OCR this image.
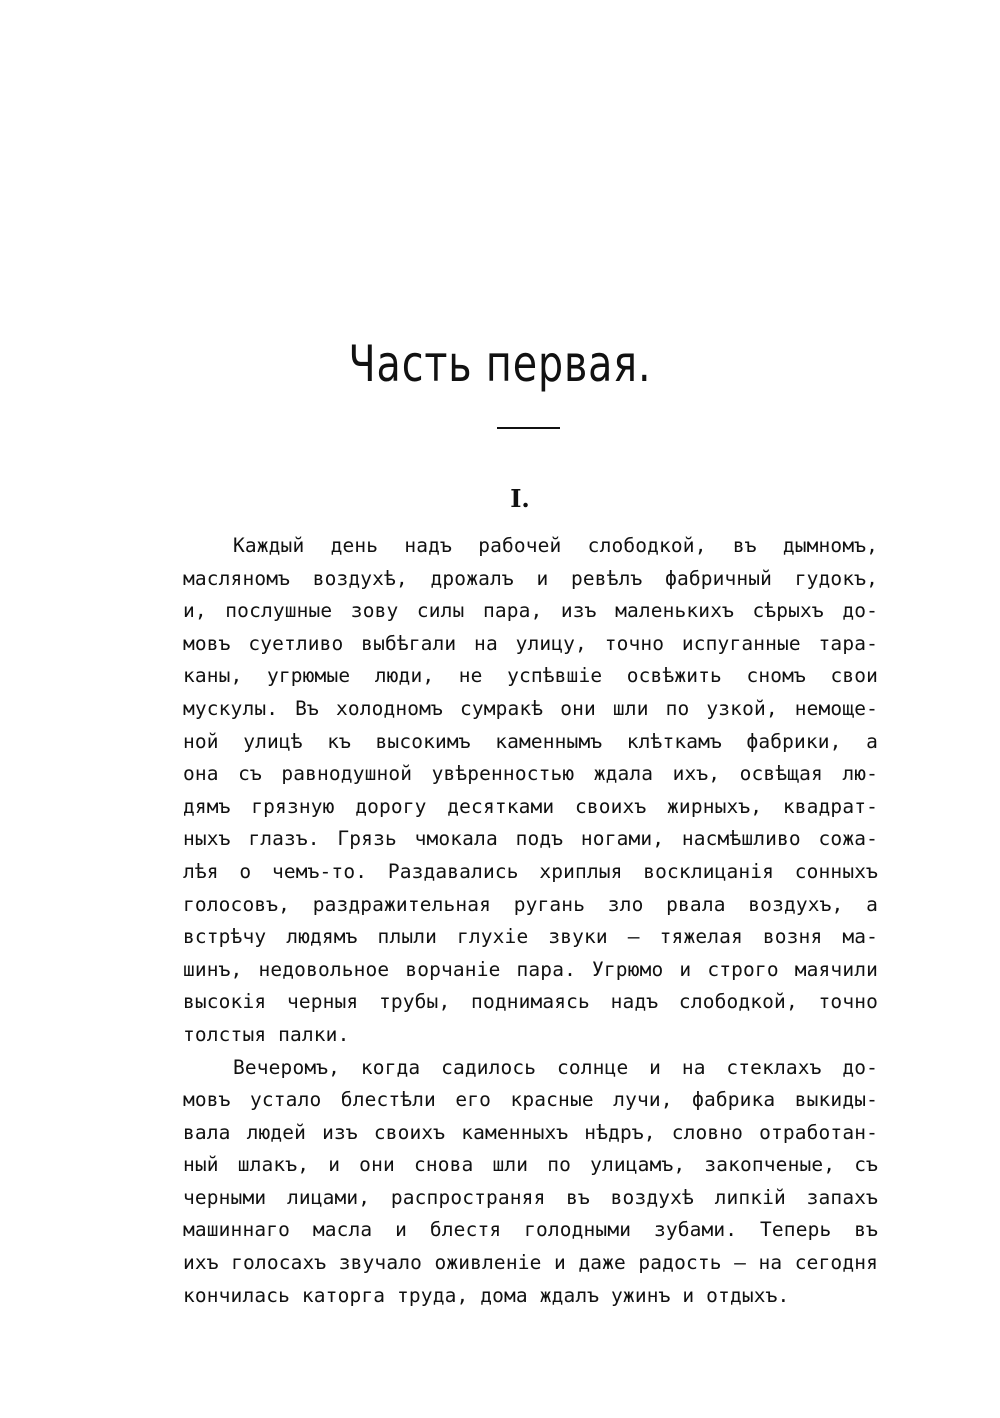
Часть первая.
I.
Каждый день надъ рабочей слободкой, въ дымномъ,
масляномъ воздухѣ, дрожалъ и ревѣлъ фабричный гудокъ,
и, послушные зову силы пара, изъ маленькихъ сѣрыхъ до-
мовъ суетливо выбѣгали на улицу, точно испуганные тара-
каны, угрюмые люди, не успѣвшіе освѣжить сномъ свои
мускулы. Въ холодномъ сумракѣ они шли по узкой, немоще-
ной улицѣ къ высокимъ каменнымъ клѣткамъ фабрики, а
она съ равнодушной увѣренностью ждала ихъ, освѣщая лю-
дямъ грязную дорогу десятками своихъ жирныхъ, квадрат-
ныхъ глазъ. Грязь чмокала подъ ногами, насмѣшливо сожа-
лѣя о чемъ-то. Раздавались хриплыя восклицанія сонныхъ
голосовъ, раздражительная ругань зло рвала воздухъ, а
встрѣчу людямъ плыли глухіе звуки — тяжелая возня ма-
шинъ, недовольное ворчаніе пара. Угрюмо и строго маячили
высокія черныя трубы, поднимаясь надъ слободкой, точно
толстыя палки.
Вечеромъ, когда садилось солнце и на стеклахъ до-
мовъ устало блестѣли его красные лучи, фабрика выкиды-
вала людей изъ своихъ каменныхъ нѣдръ, словно отработан-
ный шлакъ, и они снова шли по улицамъ, закопченые, съ
черными лицами, распространяя въ воздухѣ липкій запахъ
машиннаго масла и блестя голодными зубами. Теперь въ
ихъ голосахъ звучало оживленіе и даже радость — на сегодня
кончилась каторга труда, дома ждалъ ужинъ и отдыхъ.
